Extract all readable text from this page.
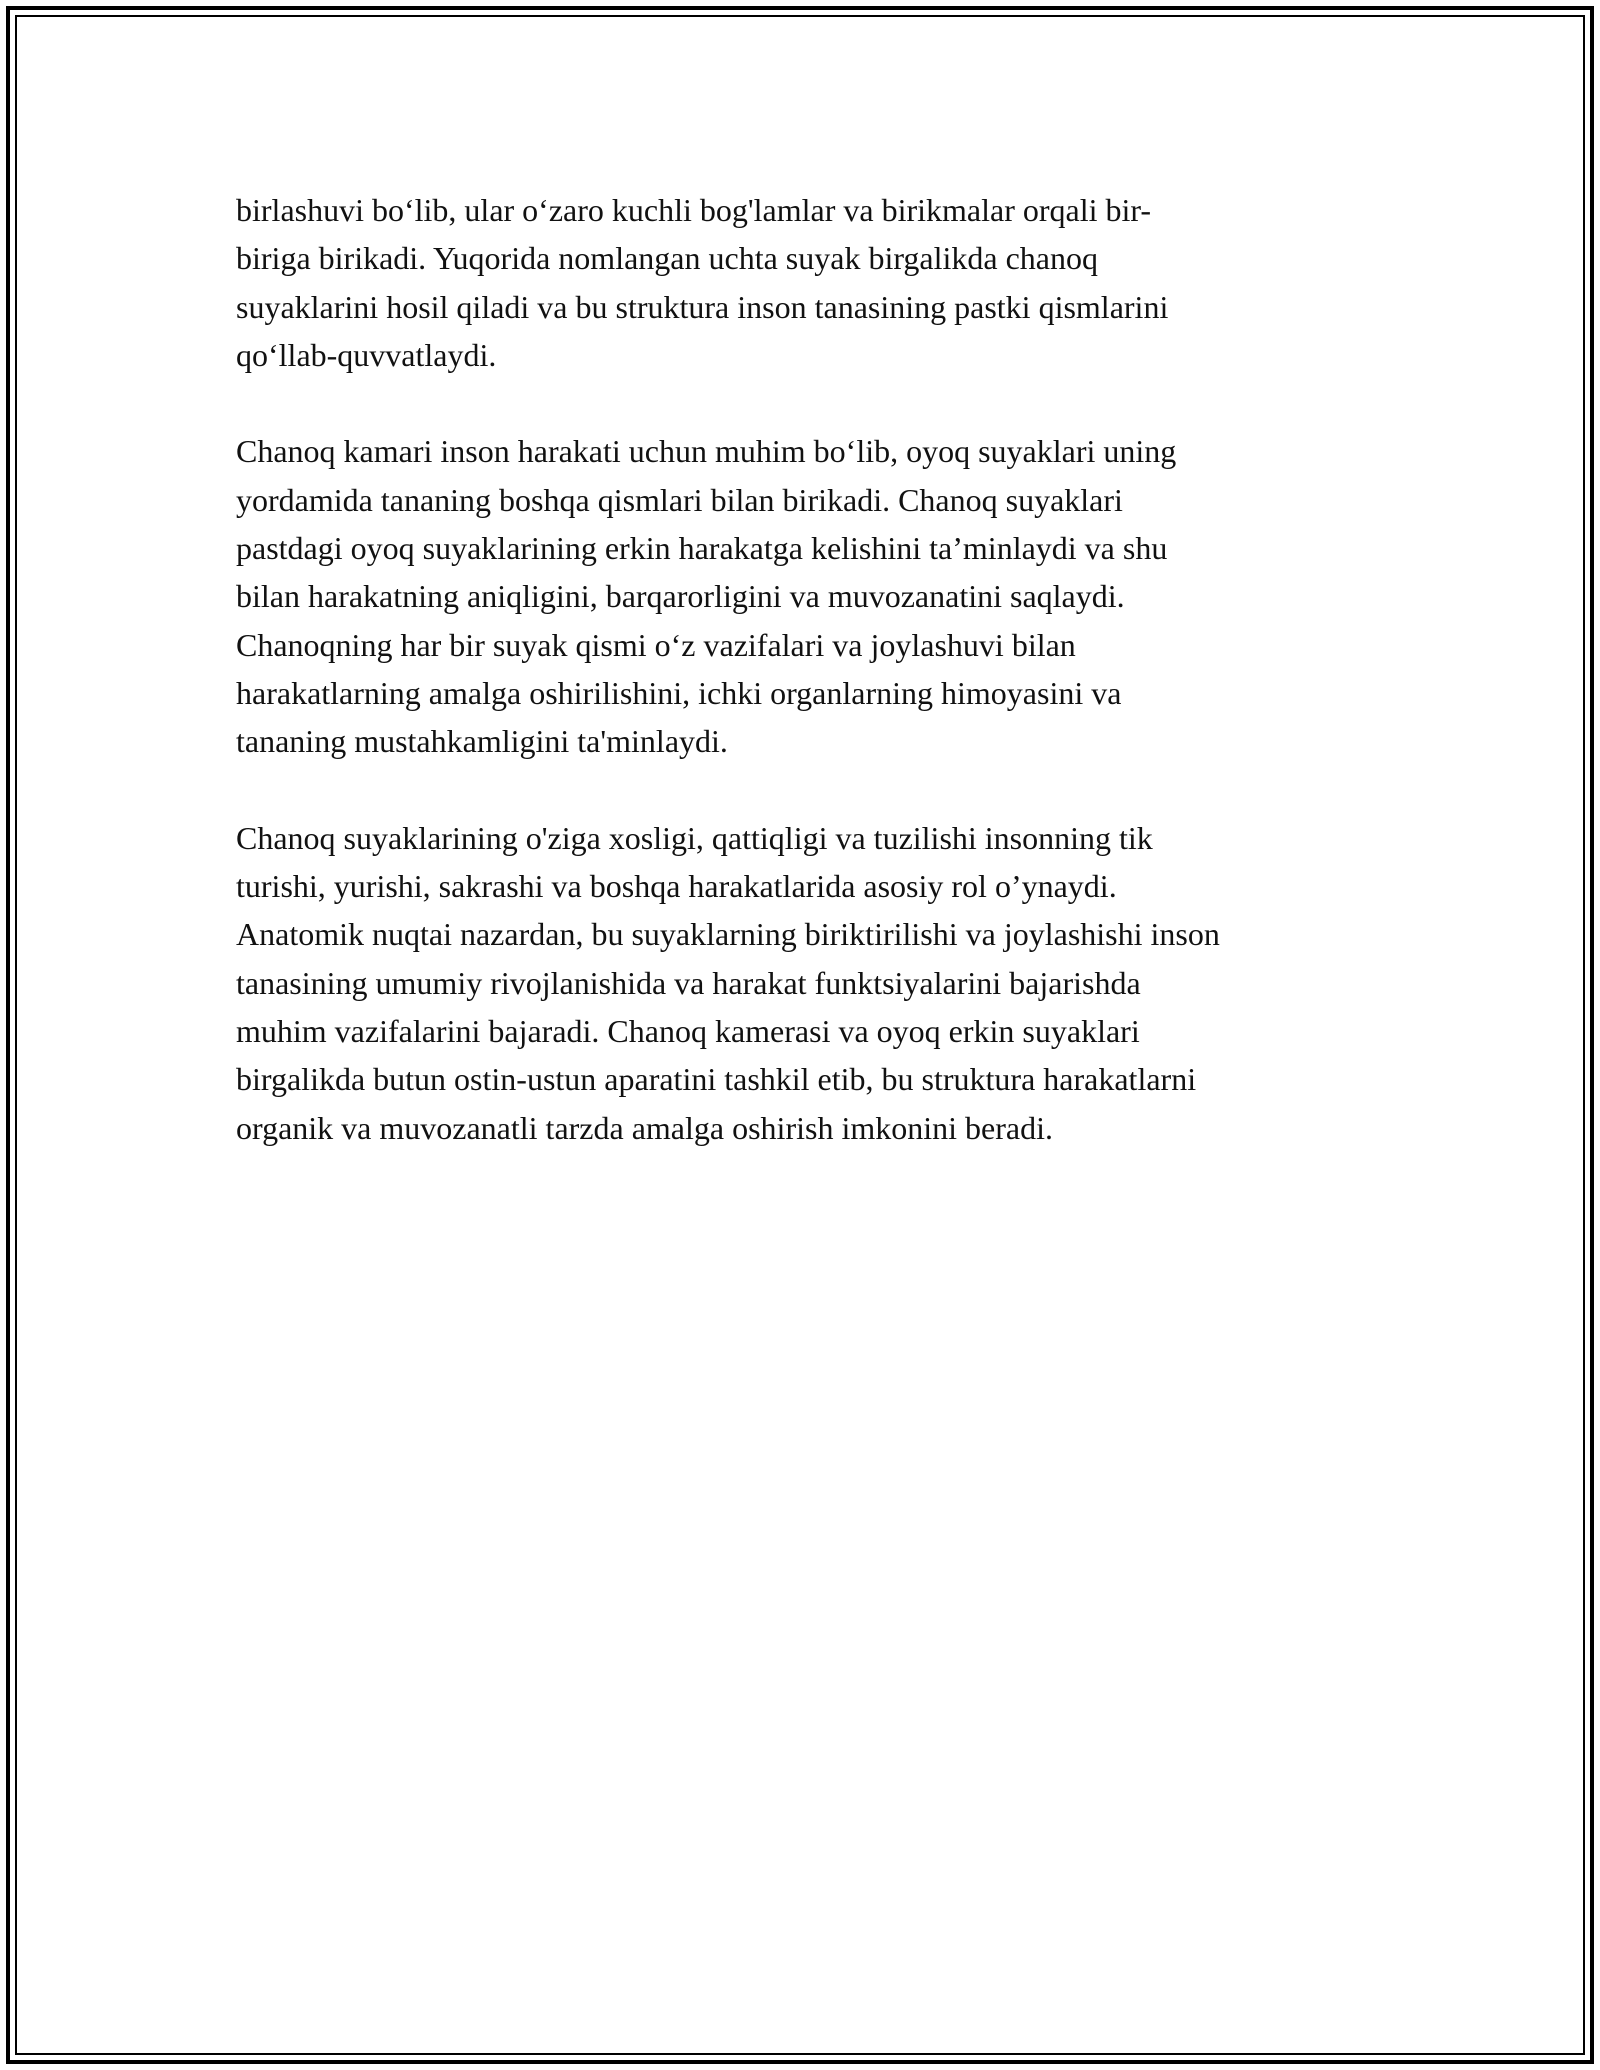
birlashuvi bo‘lib, ular o‘zaro kuchli bog'lamlar va birikmalar orqali bir-
biriga birikadi. Yuqorida nomlangan uchta suyak birgalikda chanoq
suyaklarini hosil qiladi va bu struktura inson tanasining pastki qismlarini
qo‘llab-quvvatlaydi.

Chanoq kamari inson harakati uchun muhim bo‘lib, oyoq suyaklari uning
yordamida tananing boshqa qismlari bilan birikadi. Chanoq suyaklari
pastdagi oyoq suyaklarining erkin harakatga kelishini ta’minlaydi va shu
bilan harakatning aniqligini, barqarorligini va muvozanatini saqlaydi.
Chanoqning har bir suyak qismi o‘z vazifalari va joylashuvi bilan
harakatlarning amalga oshirilishini, ichki organlarning himoyasini va
tananing mustahkamligini ta'minlaydi.

Chanoq suyaklarining o'ziga xosligi, qattiqligi va tuzilishi insonning tik
turishi, yurishi, sakrashi va boshqa harakatlarida asosiy rol o’ynaydi.
Anatomik nuqtai nazardan, bu suyaklarning biriktirilishi va joylashishi inson
tanasining umumiy rivojlanishida va harakat funktsiyalarini bajarishda
muhim vazifalarini bajaradi. Chanoq kamerasi va oyoq erkin suyaklari
birgalikda butun ostin-ustun aparatini tashkil etib, bu struktura harakatlarni
organik va muvozanatli tarzda amalga oshirish imkonini beradi.
